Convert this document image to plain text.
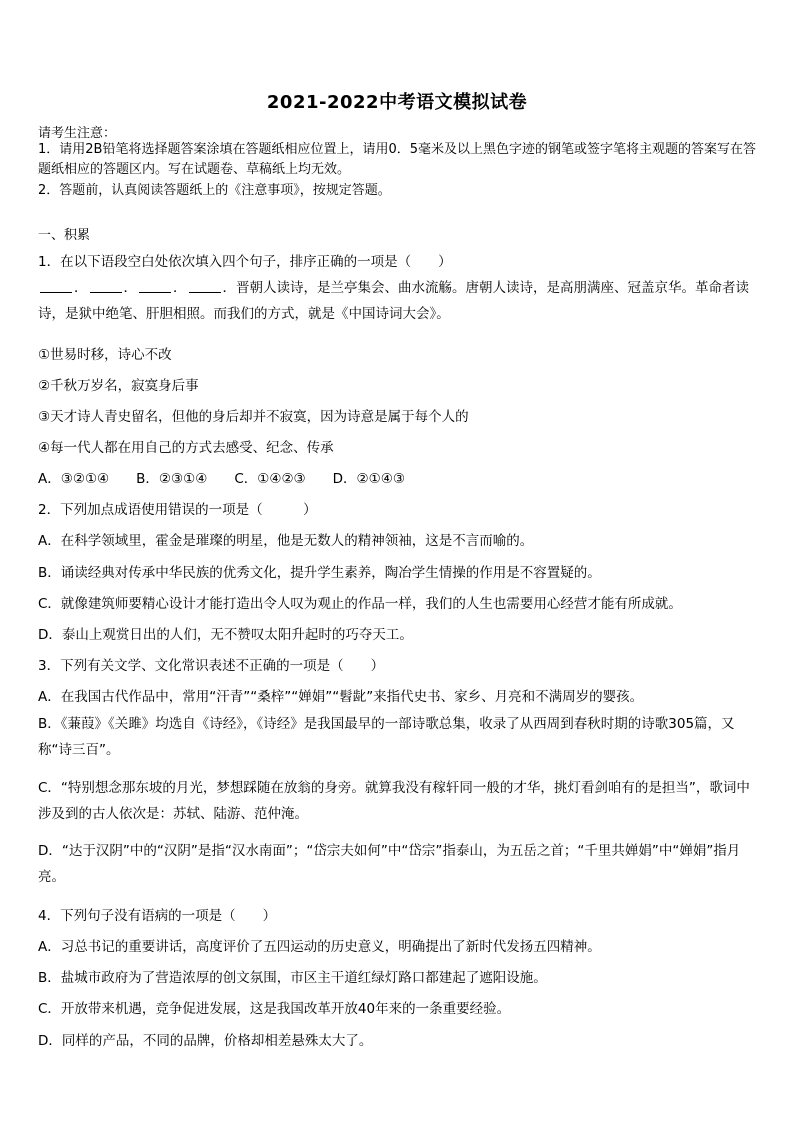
2021-2022中考语文模拟试卷
请考生注意：
1．请用2B铅笔将选择题答案涂填在答题纸相应位置上，请用0．5毫米及以上黑色字迹的钢笔或签字笔将主观题的答案写在答题纸相应的答题区内。写在试题卷、草稿纸上均无效。
2．答题前，认真阅读答题纸上的《注意事项》，按规定答题。
一、积累
1．在以下语段空白处依次填入四个句子，排序正确的一项是（　　）
．	．	．	．晋朝人读诗，是兰亭集会、曲水流觞。唐朝人读诗，是高朋满座、冠盖京华。革命者读诗，是狱中绝笔、肝胆相照。而我们的方式，就是《中国诗词大会》。
①世易时移，诗心不改
②千秋万岁名，寂寞身后事
③天才诗人青史留名，但他的身后却并不寂寞，因为诗意是属于每个人的
④每一代人都在用自己的方式去感受、纪念、传承
A．③②①④　　B．②③①④　　C．①④②③　　D．②①④③
2．下列加点成语使用错误的一项是（　　　）
A．在科学领域里，霍金是璀璨的明星，他是无数人的精神领袖，这是不言而喻的。
B．诵读经典对传承中华民族的优秀文化，提升学生素养，陶冶学生情操的作用是不容置疑的。
C．就像建筑师要精心设计才能打造出令人叹为观止的作品一样，我们的人生也需要用心经营才能有所成就。
D．泰山上观赏日出的人们，无不赞叹太阳升起时的巧夺天工。
3．下列有关文学、文化常识表述不正确的一项是（　　）
A．在我国古代作品中，常用“汗青”“桑梓”“婵娟”“髫龀”来指代史书、家乡、月亮和不满周岁的婴孩。
B．《蒹葭》《关雎》均选自《诗经》，《诗经》是我国最早的一部诗歌总集，收录了从西周到春秋时期的诗歌305篇，又称“诗三百”。
C．“特别想念那东坡的月光，梦想踩随在放翁的身旁。就算我没有稼轩同一般的才华，挑灯看剑咱有的是担当”，歌词中涉及到的古人依次是：苏轼、陆游、范仲淹。
D．“达于汉阴”中的“汉阴”是指“汉水南面”；“岱宗夫如何”中“岱宗”指泰山，为五岳之首；“千里共婵娟”中“婵娟”指月亮。
4．下列句子没有语病的一项是（　　）
A．习总书记的重要讲话，高度评价了五四运动的历史意义，明确提出了新时代发扬五四精神。
B．盐城市政府为了营造浓厚的创文氛围，市区主干道红绿灯路口都建起了遮阳设施。
C．开放带来机遇，竞争促进发展，这是我国改革开放40年来的一条重要经验。
D．同样的产品，不同的品牌，价格却相差悬殊太大了。
